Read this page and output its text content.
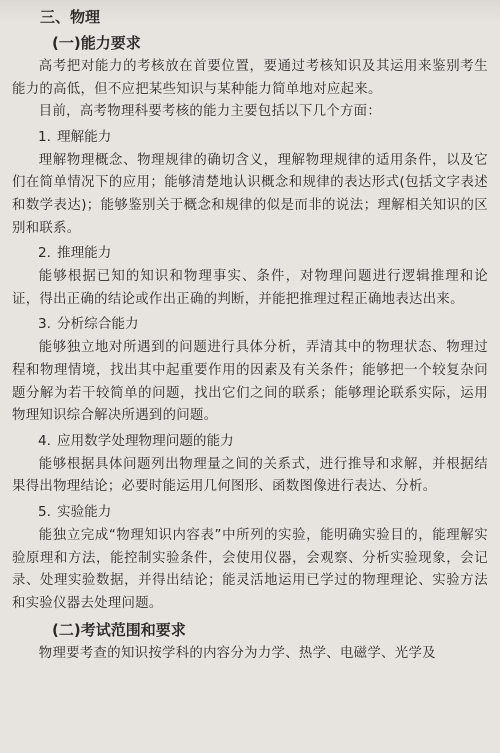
三、物理
(一)能力要求

高考把对能力的考核放在首要位置，要通过考核知识及其运用来鉴别考生能力的高低，但不应把某些知识与某种能力简单地对应起来。

目前，高考物理科要考核的能力主要包括以下几个方面：

1. 理解能力

理解物理概念、物理规律的确切含义，理解物理规律的适用条件，以及它们在简单情况下的应用；能够清楚地认识概念和规律的表达形式(包括文字表述和数学表达)；能够鉴别关于概念和规律的似是而非的说法；理解相关知识的区别和联系。

2. 推理能力

能够根据已知的知识和物理事实、条件，对物理问题进行逻辑推理和论证，得出正确的结论或作出正确的判断，并能把推理过程正确地表达出来。

3. 分析综合能力

能够独立地对所遇到的问题进行具体分析，弄清其中的物理状态、物理过程和物理情境，找出其中起重要作用的因素及有关条件；能够把一个较复杂问题分解为若干较简单的问题，找出它们之间的联系；能够理论联系实际，运用物理知识综合解决所遇到的问题。

4. 应用数学处理物理问题的能力

能够根据具体问题列出物理量之间的关系式，进行推导和求解，并根据结果得出物理结论；必要时能运用几何图形、函数图像进行表达、分析。

5. 实验能力

能独立完成“物理知识内容表”中所列的实验，能明确实验目的，能理解实验原理和方法，能控制实验条件，会使用仪器，会观察、分析实验现象，会记录、处理实验数据，并得出结论；能灵活地运用已学过的物理理论、实验方法和实验仪器去处理问题。

(二)考试范围和要求

物理要考查的知识按学科的内容分为力学、热学、电磁学、光学及
